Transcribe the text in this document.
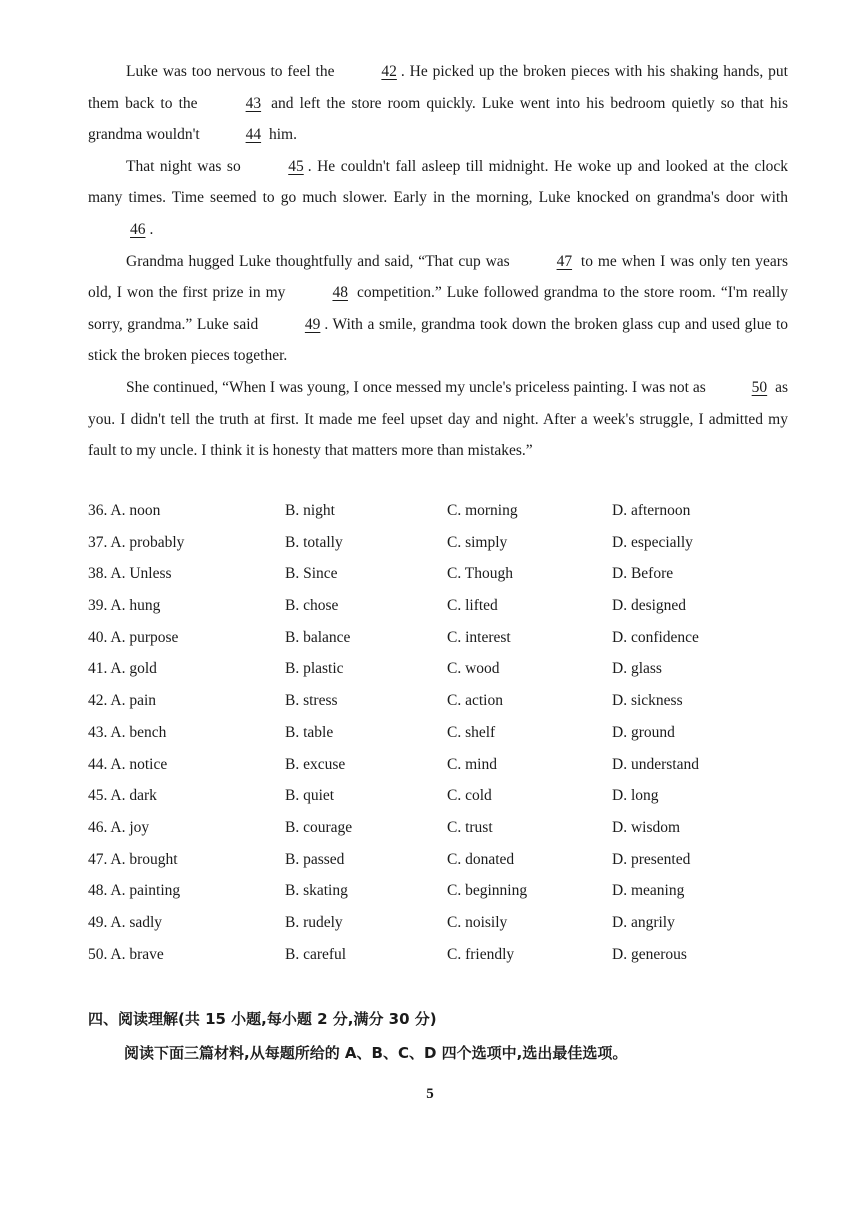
Luke was too nervous to feel the	42 . He picked up the broken pieces with his shaking hands, put them back to the	43 and left the store room quickly. Luke went into his bedroom quietly so that his grandma wouldn't	44 him.

That night was so	45 . He couldn't fall asleep till midnight. He woke up and looked at the clock many times. Time seemed to go much slower. Early in the morning, Luke knocked on grandma's door with 46 .

Grandma hugged Luke thoughtfully and said, “That cup was	47 to me when I was only ten years old, I won the first prize in my	48 competition.” Luke followed grandma to the store room. “I'm really sorry, grandma.” Luke said	49 . With a smile, grandma took down the broken glass cup and used glue to stick the broken pieces together.

She continued, “When I was young, I once messed my uncle's priceless painting. I was not as	50 as you. I didn't tell the truth at first. It made me feel upset day and night. After a week's struggle, I admitted my fault to my uncle. I think it is honesty that matters more than mistakes.”

36. A. noon	B. night	C. morning	D. afternoon
37. A. probably	B. totally	C. simply	D. especially
38. A. Unless	B. Since	C. Though	D. Before
39. A. hung	B. chose	C. lifted	D. designed
40. A. purpose	B. balance	C. interest	D. confidence
41. A. gold	B. plastic	C. wood	D. glass
42. A. pain	B. stress	C. action	D. sickness
43. A. bench	B. table	C. shelf	D. ground
44. A. notice	B. excuse	C. mind	D. understand
45. A. dark	B. quiet	C. cold	D. long
46. A. joy	B. courage	C. trust	D. wisdom
47. A. brought	B. passed	C. donated	D. presented
48. A. painting	B. skating	C. beginning	D. meaning
49. A. sadly	B. rudely	C. noisily	D. angrily
50. A. brave	B. careful	C. friendly	D. generous
四、阅读理解(共 15 小题,每小题 2 分,满分 30 分)
阅读下面三篇材料,从每题所给的 A、B、C、D 四个选项中,选出最佳选项。
5
